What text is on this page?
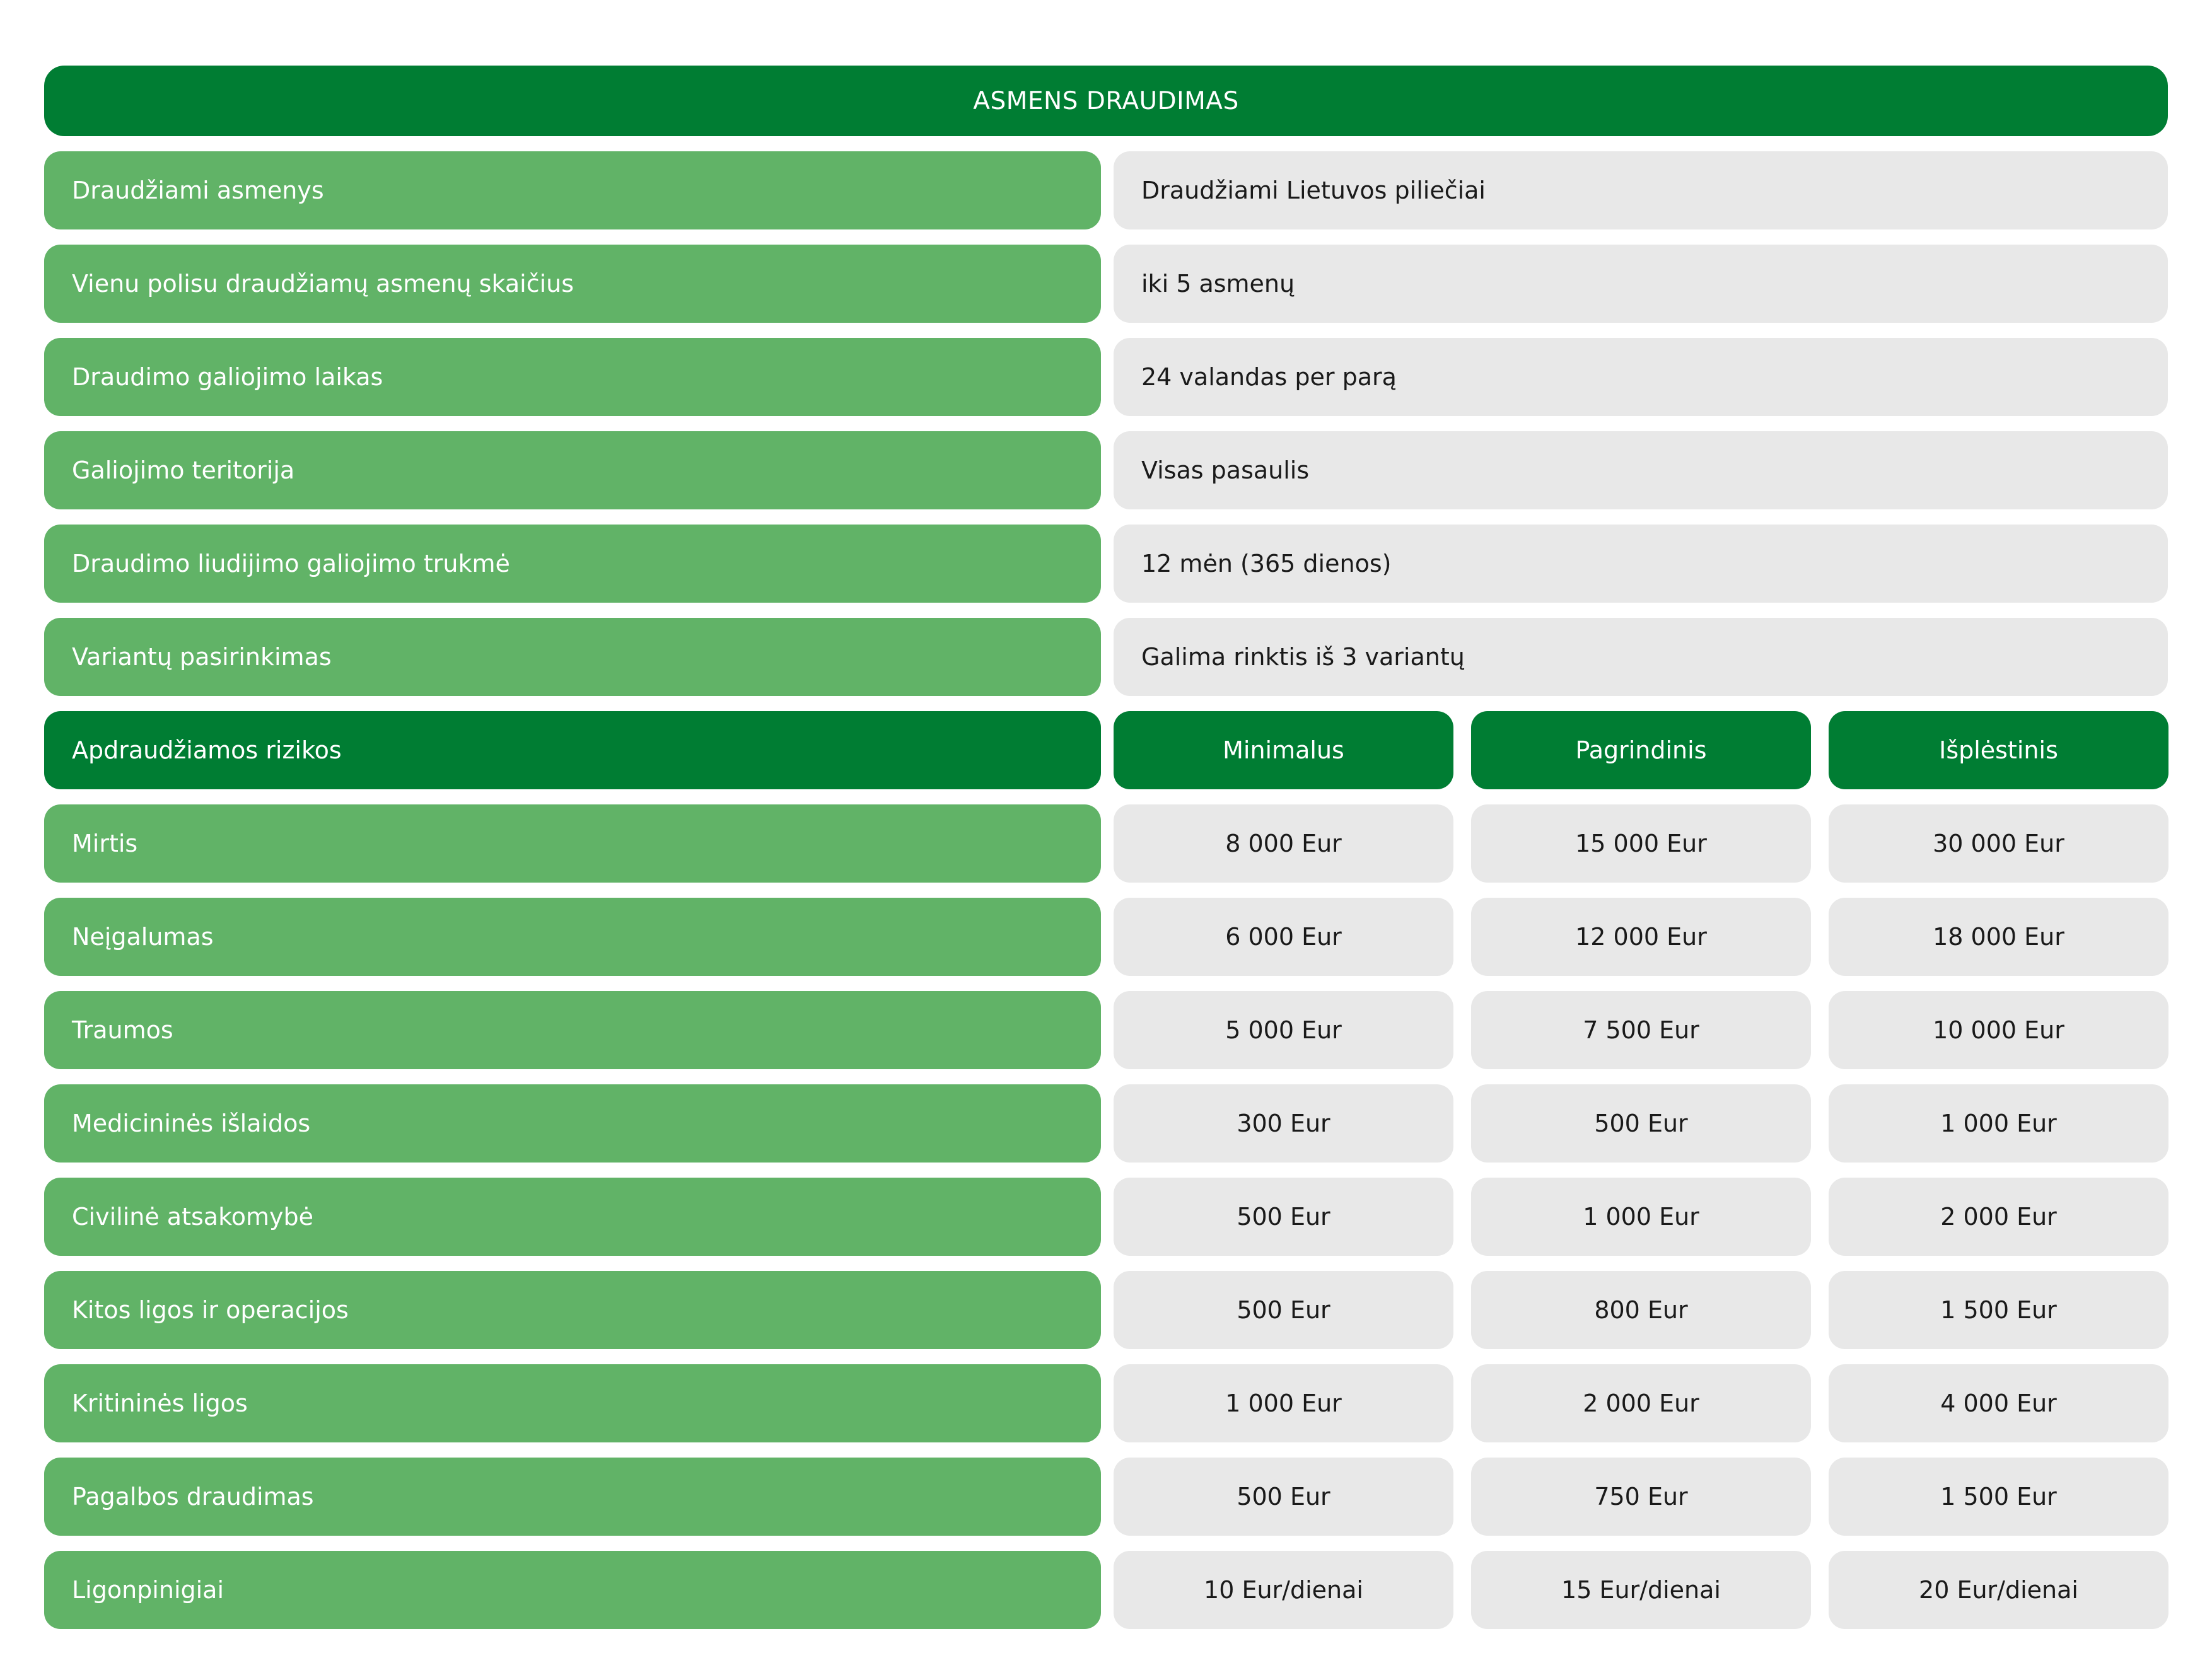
ASMENS DRAUDIMAS
Draudžiami asmenys	Draudžiami Lietuvos piliečiai
Vienu polisu draudžiamų asmenų skaičius	iki 5 asmenų
Draudimo galiojimo laikas	24 valandas per parą
Galiojimo teritorija	Visas pasaulis
Draudimo liudijimo galiojimo trukmė	12 mėn (365 dienos)
Variantų pasirinkimas	Galima rinktis iš 3 variantų
Apdraudžiamos rizikos	Minimalus	Pagrindinis	Išplėstinis
Mirtis	8 000 Eur	15 000 Eur	30 000 Eur
Neįgalumas	6 000 Eur	12 000 Eur	18 000 Eur
Traumos	5 000 Eur	7 500 Eur	10 000 Eur
Medicininės išlaidos	300 Eur	500 Eur	1 000 Eur
Civilinė atsakomybė	500 Eur	1 000 Eur	2 000 Eur
Kitos ligos ir operacijos	500 Eur	800 Eur	1 500 Eur
Kritininės ligos	1 000 Eur	2 000 Eur	4 000 Eur
Pagalbos draudimas	500 Eur	750 Eur	1 500 Eur
Ligonpinigiai	10 Eur/dienai	15 Eur/dienai	20 Eur/dienai
